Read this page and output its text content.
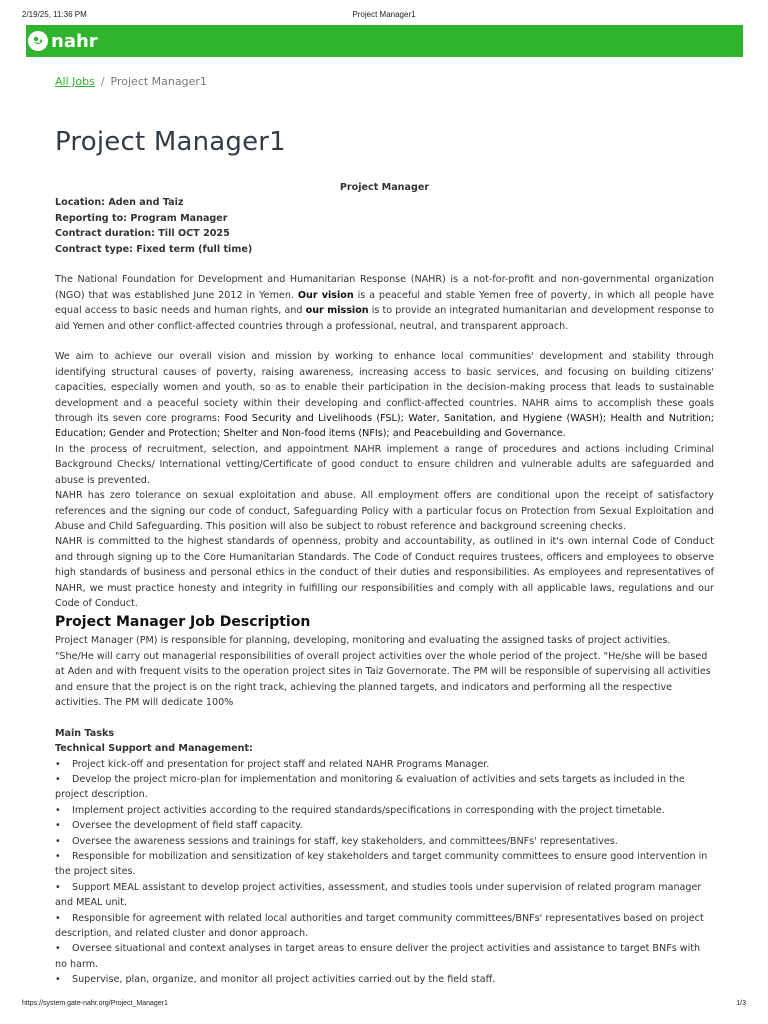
2/19/25, 11:36 PM	Project Manager1
nahr
All Jobs / Project Manager1
Project Manager1

Project Manager

Location: Aden and Taiz

Reporting to: Program Manager

Contract duration: Till OCT 2025

Contract type: Fixed term (full time)

The National Foundation for Development and Humanitarian Response (NAHR) is a not-for-profit and non-governmental organization (NGO) that was established June 2012 in Yemen. Our vision is a peaceful and stable Yemen free of poverty, in which all people have equal access to basic needs and human rights, and our mission is to provide an integrated humanitarian and development response to aid Yemen and other conflict-affected countries through a professional, neutral, and transparent approach.

We aim to achieve our overall vision and mission by working to enhance local communities' development and stability through identifying structural causes of poverty, raising awareness, increasing access to basic services, and focusing on building citizens' capacities, especially women and youth, so as to enable their participation in the decision-making process that leads to sustainable development and a peaceful society within their developing and conflict-affected countries. NAHR aims to accomplish these goals through its seven core programs: Food Security and Livelihoods (FSL); Water, Sanitation, and Hygiene (WASH); Health and Nutrition; Education; Gender and Protection; Shelter and Non-food items (NFIs); and Peacebuilding and Governance.

In the process of recruitment, selection, and appointment NAHR implement a range of procedures and actions including Criminal Background Checks/ International vetting/Certificate of good conduct to ensure children and vulnerable adults are safeguarded and abuse is prevented.

NAHR has zero tolerance on sexual exploitation and abuse. All employment offers are conditional upon the receipt of satisfactory references and the signing our code of conduct, Safeguarding Policy with a particular focus on Protection from Sexual Exploitation and Abuse and Child Safeguarding. This position will also be subject to robust reference and background screening checks.

NAHR is committed to the highest standards of openness, probity and accountability, as outlined in it's own internal Code of Conduct and through signing up to the Core Humanitarian Standards. The Code of Conduct requires trustees, officers and employees to observe high standards of business and personal ethics in the conduct of their duties and responsibilities. As employees and representatives of NAHR, we must practice honesty and integrity in fulfilling our responsibilities and comply with all applicable laws, regulations and our Code of Conduct.

Project Manager Job Description

Project Manager (PM) is responsible for planning, developing, monitoring and evaluating the assigned tasks of project activities.

"She/He will carry out managerial responsibilities of overall project activities over the whole period of the project. "He/she will be based at Aden and with frequent visits to the operation project sites in Taiz Governorate. The PM will be responsible of supervising all activities and ensure that the project is on the right track, achieving the planned targets, and indicators and performing all the respective activities. The PM will dedicate 100%

Main Tasks

Technical Support and Management:

• Project kick-off and presentation for project staff and related NAHR Programs Manager.
• Develop the project micro-plan for implementation and monitoring & evaluation of activities and sets targets as included in the project description.
• Implement project activities according to the required standards/specifications in corresponding with the project timetable.
• Oversee the development of field staff capacity.
• Oversee the awareness sessions and trainings for staff, key stakeholders, and committees/BNFs' representatives.
• Responsible for mobilization and sensitization of key stakeholders and target community committees to ensure good intervention in the project sites.
• Support MEAL assistant to develop project activities, assessment, and studies tools under supervision of related program manager and MEAL unit.
• Responsible for agreement with related local authorities and target community committees/BNFs' representatives based on project description, and related cluster and donor approach.
• Oversee situational and context analyses in target areas to ensure deliver the project activities and assistance to target BNFs with no harm.
• Supervise, plan, organize, and monitor all project activities carried out by the field staff.
https://system.gate-nahr.org/Project_Manager1	1/3
